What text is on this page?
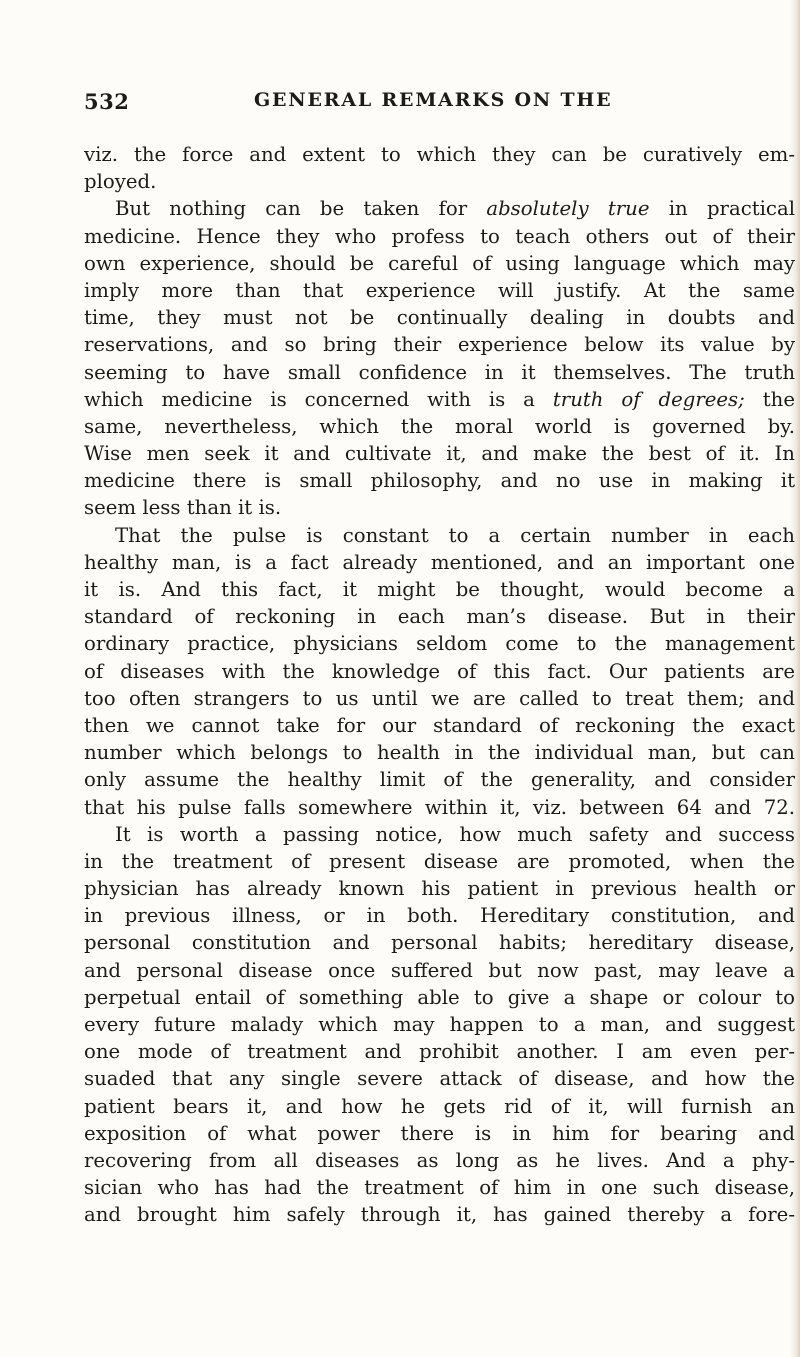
532	GENERAL REMARKS ON THE
viz. the force and extent to which they can be curatively em-
ployed.
But nothing can be taken for absolutely true in practical
medicine. Hence they who profess to teach others out of their
own experience, should be careful of using language which may
imply more than that experience will justify. At the same
time, they must not be continually dealing in doubts and
reservations, and so bring their experience below its value by
seeming to have small confidence in it themselves. The truth
which medicine is concerned with is a truth of degrees; the
same, nevertheless, which the moral world is governed by.
Wise men seek it and cultivate it, and make the best of it. In
medicine there is small philosophy, and no use in making it
seem less than it is.
That the pulse is constant to a certain number in each
healthy man, is a fact already mentioned, and an important one
it is. And this fact, it might be thought, would become a
standard of reckoning in each man’s disease. But in their
ordinary practice, physicians seldom come to the management
of diseases with the knowledge of this fact. Our patients are
too often strangers to us until we are called to treat them; and
then we cannot take for our standard of reckoning the exact
number which belongs to health in the individual man, but can
only assume the healthy limit of the generality, and consider
that his pulse falls somewhere within it, viz. between 64 and 72.
It is worth a passing notice, how much safety and success
in the treatment of present disease are promoted, when the
physician has already known his patient in previous health or
in previous illness, or in both. Hereditary constitution, and
personal constitution and personal habits; hereditary disease,
and personal disease once suffered but now past, may leave a
perpetual entail of something able to give a shape or colour to
every future malady which may happen to a man, and suggest
one mode of treatment and prohibit another. I am even per-
suaded that any single severe attack of disease, and how the
patient bears it, and how he gets rid of it, will furnish an
exposition of what power there is in him for bearing and
recovering from all diseases as long as he lives. And a phy-
sician who has had the treatment of him in one such disease,
and brought him safely through it, has gained thereby a fore-
